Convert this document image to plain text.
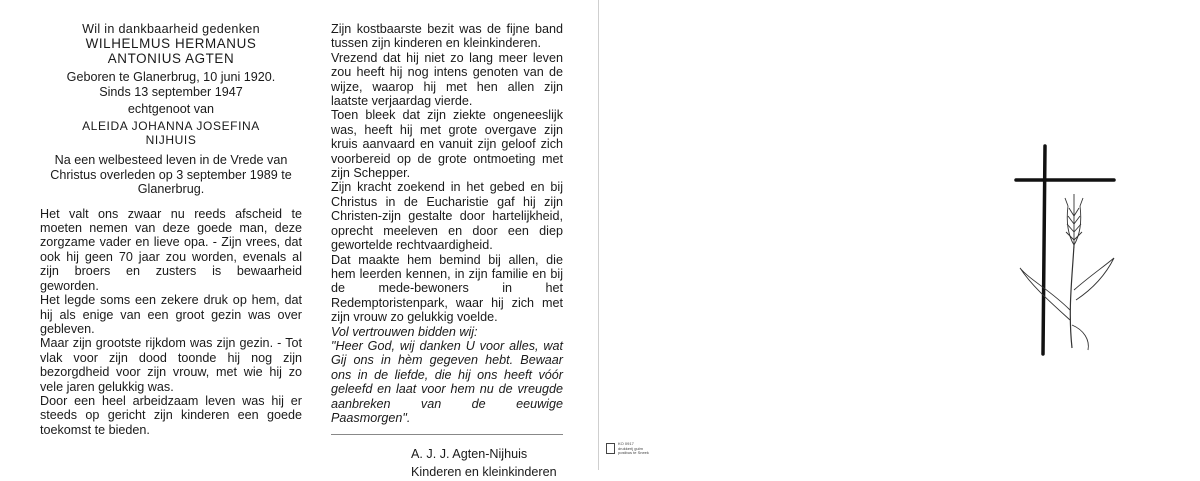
Wil in dankbaarheid gedenken
WILHELMUS HERMANUS
ANTONIUS AGTEN
Geboren te Glanerbrug, 10 juni 1920.
Sinds 13 september 1947
echtgenoot van
ALEIDA JOHANNA JOSEFINA
NIJHUIS

Na een welbesteed leven in de Vrede van Christus overleden op 3 september 1989 te Glanerbrug.

Het valt ons zwaar nu reeds afscheid te moeten nemen van deze goede man, deze zorgzame vader en lieve opa. - Zijn vrees, dat ook hij geen 70 jaar zou worden, evenals al zijn broers en zusters is bewaarheid geworden.

Het legde soms een zekere druk op hem, dat hij als enige van een groot gezin was over gebleven.

Maar zijn grootste rijkdom was zijn gezin. - Tot vlak voor zijn dood toonde hij nog zijn bezorgdheid voor zijn vrouw, met wie hij zo vele jaren gelukkig was.

Door een heel arbeidzaam leven was hij er steeds op gericht zijn kinderen een goede toekomst te bieden.

Zijn kostbaarste bezit was de fijne band tussen zijn kinderen en kleinkinderen.

Vrezend dat hij niet zo lang meer leven zou heeft hij nog intens genoten van de wijze, waarop hij met hen allen zijn laatste verjaardag vierde.

Toen bleek dat zijn ziekte ongeneeslijk was, heeft hij met grote overgave zijn kruis aanvaard en vanuit zijn geloof zich voorbereid op de grote ontmoeting met zijn Schepper.

Zijn kracht zoekend in het gebed en bij Christus in de Eucharistie gaf hij zijn Christen-zijn gestalte door hartelijkheid, oprecht meeleven en door een diep gewortelde rechtvaardigheid.

Dat maakte hem bemind bij allen, die hem leerden kennen, in zijn familie en bij de mede-bewoners in het Redemptoristenpark, waar hij zich met zijn vrouw zo gelukkig voelde.

Vol vertrouwen bidden wij:

"Heer God, wij danken U voor alles, wat Gij ons in hèm gegeven hebt. Bewaar ons in de liefde, die hij ons heeft vóór geleefd en laat voor hem nu de vreugde aanbreken van de eeuwige Paasmorgen".

A. J. J. Agten-Nijhuis
Kinderen en kleinkinderen
KO 0917
drukkerij gulm
postbus te Sneek
